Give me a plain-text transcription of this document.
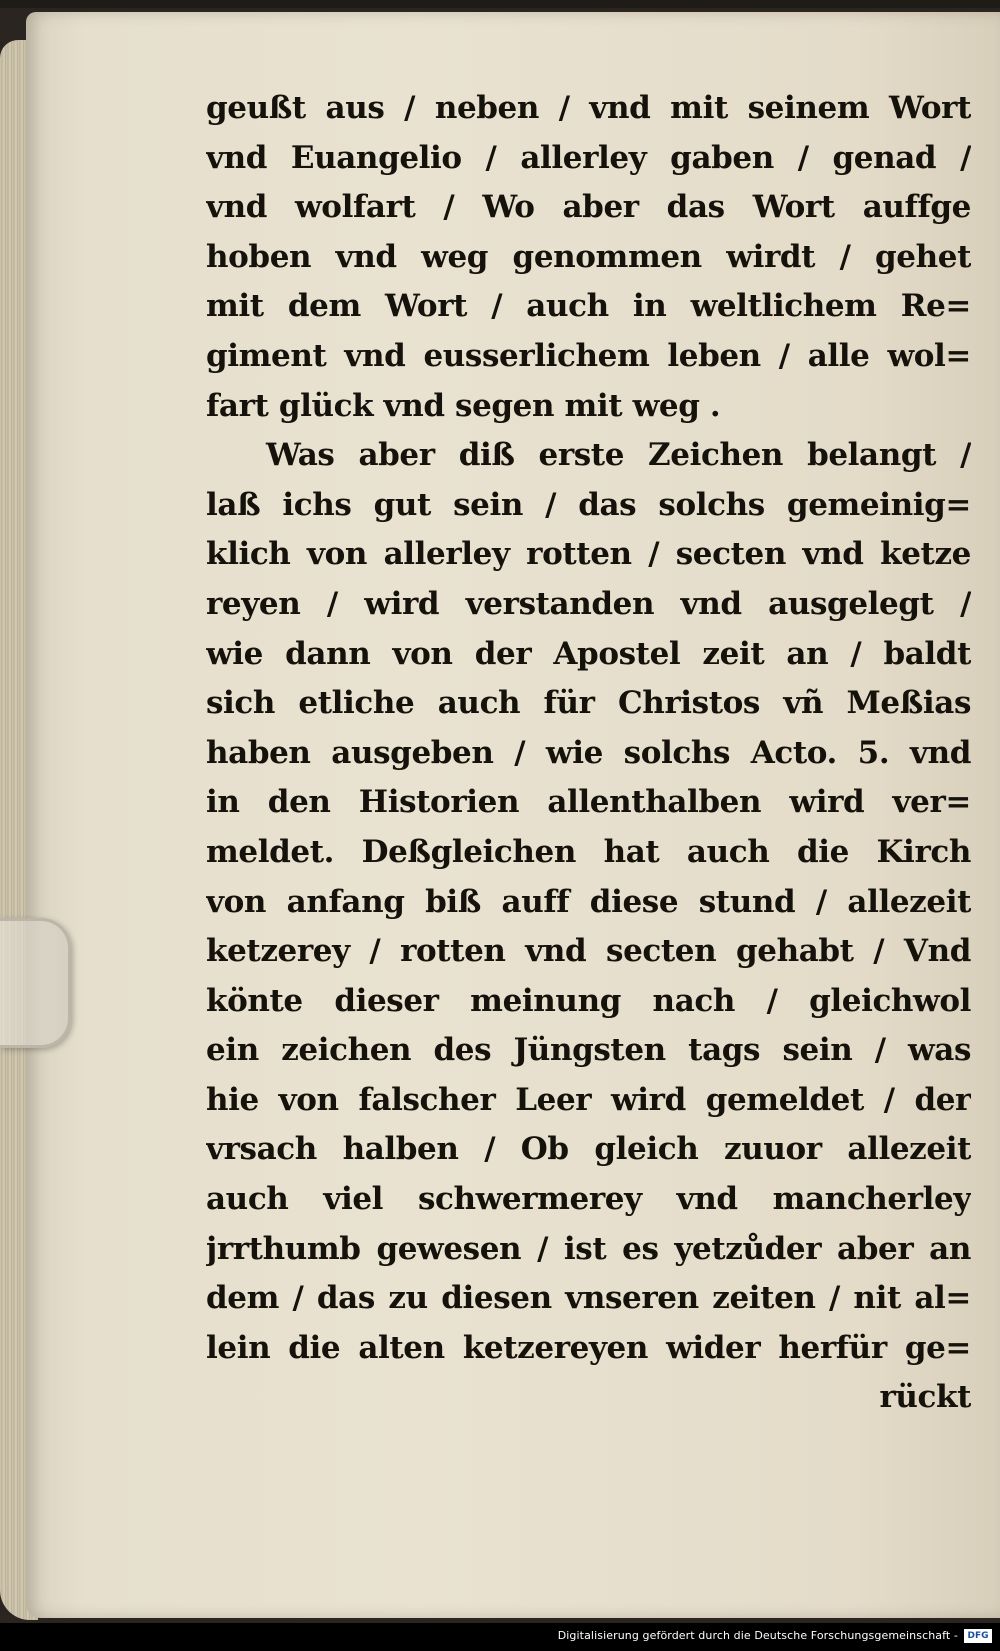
geußt aus / neben / vnd mit seinem Wort
vnd Euangelio / allerley gaben / genad /
vnd wolfart / Wo aber das Wort auffge
hoben vnd weg genommen wirdt / gehet
mit dem Wort / auch in weltlichem Re=
giment vnd eusserlichem leben / alle wol=
fart glück vnd segen mit weg .
Was aber diß erste Zeichen belangt /
laß ichs gut sein / das solchs gemeinig=
klich von allerley rotten / secten vnd ketze
reyen / wird verstanden vnd ausgelegt /
wie dann von der Apostel zeit an / baldt
sich etliche auch für Christos vñ Meßias
haben ausgeben / wie solchs Acto. 5. vnd
in den Historien allenthalben wird ver=
meldet. Deßgleichen hat auch die Kirch
von anfang biß auff diese stund / allezeit
ketzerey / rotten vnd secten gehabt / Vnd
könte dieser meinung nach / gleichwol
ein zeichen des Jüngsten tags sein / was
hie von falscher Leer wird gemeldet / der
vrsach halben / Ob gleich zuuor allezeit
auch viel schwermerey vnd mancherley
jrrthumb gewesen / ist es yetzůder aber an
dem / das zu diesen vnseren zeiten / nit al=
lein die alten ketzereyen wider herfür ge=
rückt
Digitalisierung gefördert durch die Deutsche Forschungsgemeinschaft -	DFG
